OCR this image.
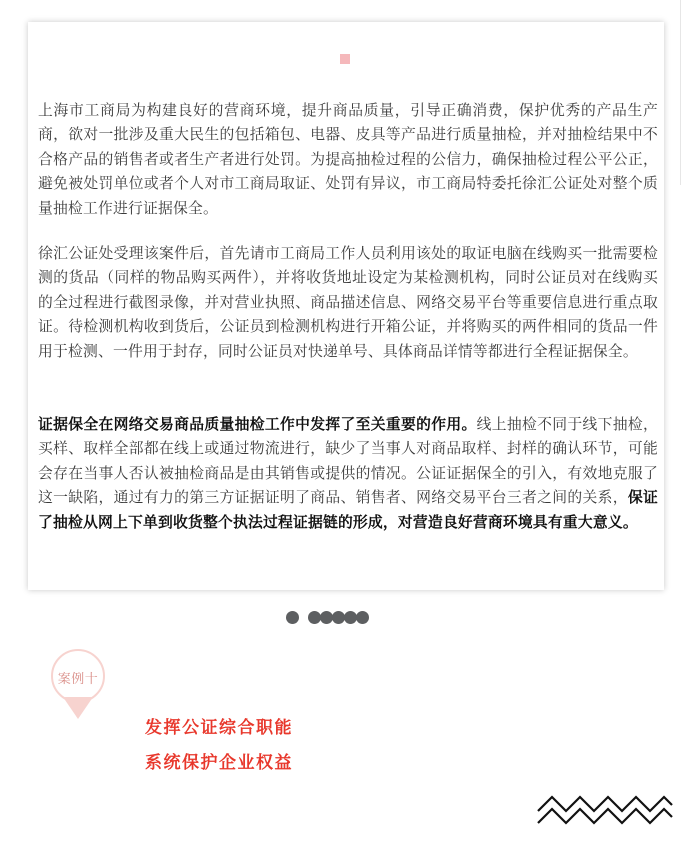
上海市工商局为构建良好的营商环境，提升商品质量，引导正确消费，保护优秀的产品生产商，欲对一批涉及重大民生的包括箱包、电器、皮具等产品进行质量抽检，并对抽检结果中不合格产品的销售者或者生产者进行处罚。为提高抽检过程的公信力，确保抽检过程公平公正，避免被处罚单位或者个人对市工商局取证、处罚有异议，市工商局特委托徐汇公证处对整个质量抽检工作进行证据保全。

徐汇公证处受理该案件后，首先请市工商局工作人员利用该处的取证电脑在线购买一批需要检测的货品（同样的物品购买两件），并将收货地址设定为某检测机构，同时公证员对在线购买的全过程进行截图录像，并对营业执照、商品描述信息、网络交易平台等重要信息进行重点取证。待检测机构收到货后，公证员到检测机构进行开箱公证，并将购买的两件相同的货品一件用于检测、一件用于封存，同时公证员对快递单号、具体商品详情等都进行全程证据保全。

证据保全在网络交易商品质量抽检工作中发挥了至关重要的作用。线上抽检不同于线下抽检，买样、取样全部都在线上或通过物流进行，缺少了当事人对商品取样、封样的确认环节，可能会存在当事人否认被抽检商品是由其销售或提供的情况。公证证据保全的引入，有效地克服了这一缺陷，通过有力的第三方证据证明了商品、销售者、网络交易平台三者之间的关系，保证了抽检从网上下单到收货整个执法过程证据链的形成，对营造良好营商环境具有重大意义。

案例十
发挥公证综合职能
系统保护企业权益
